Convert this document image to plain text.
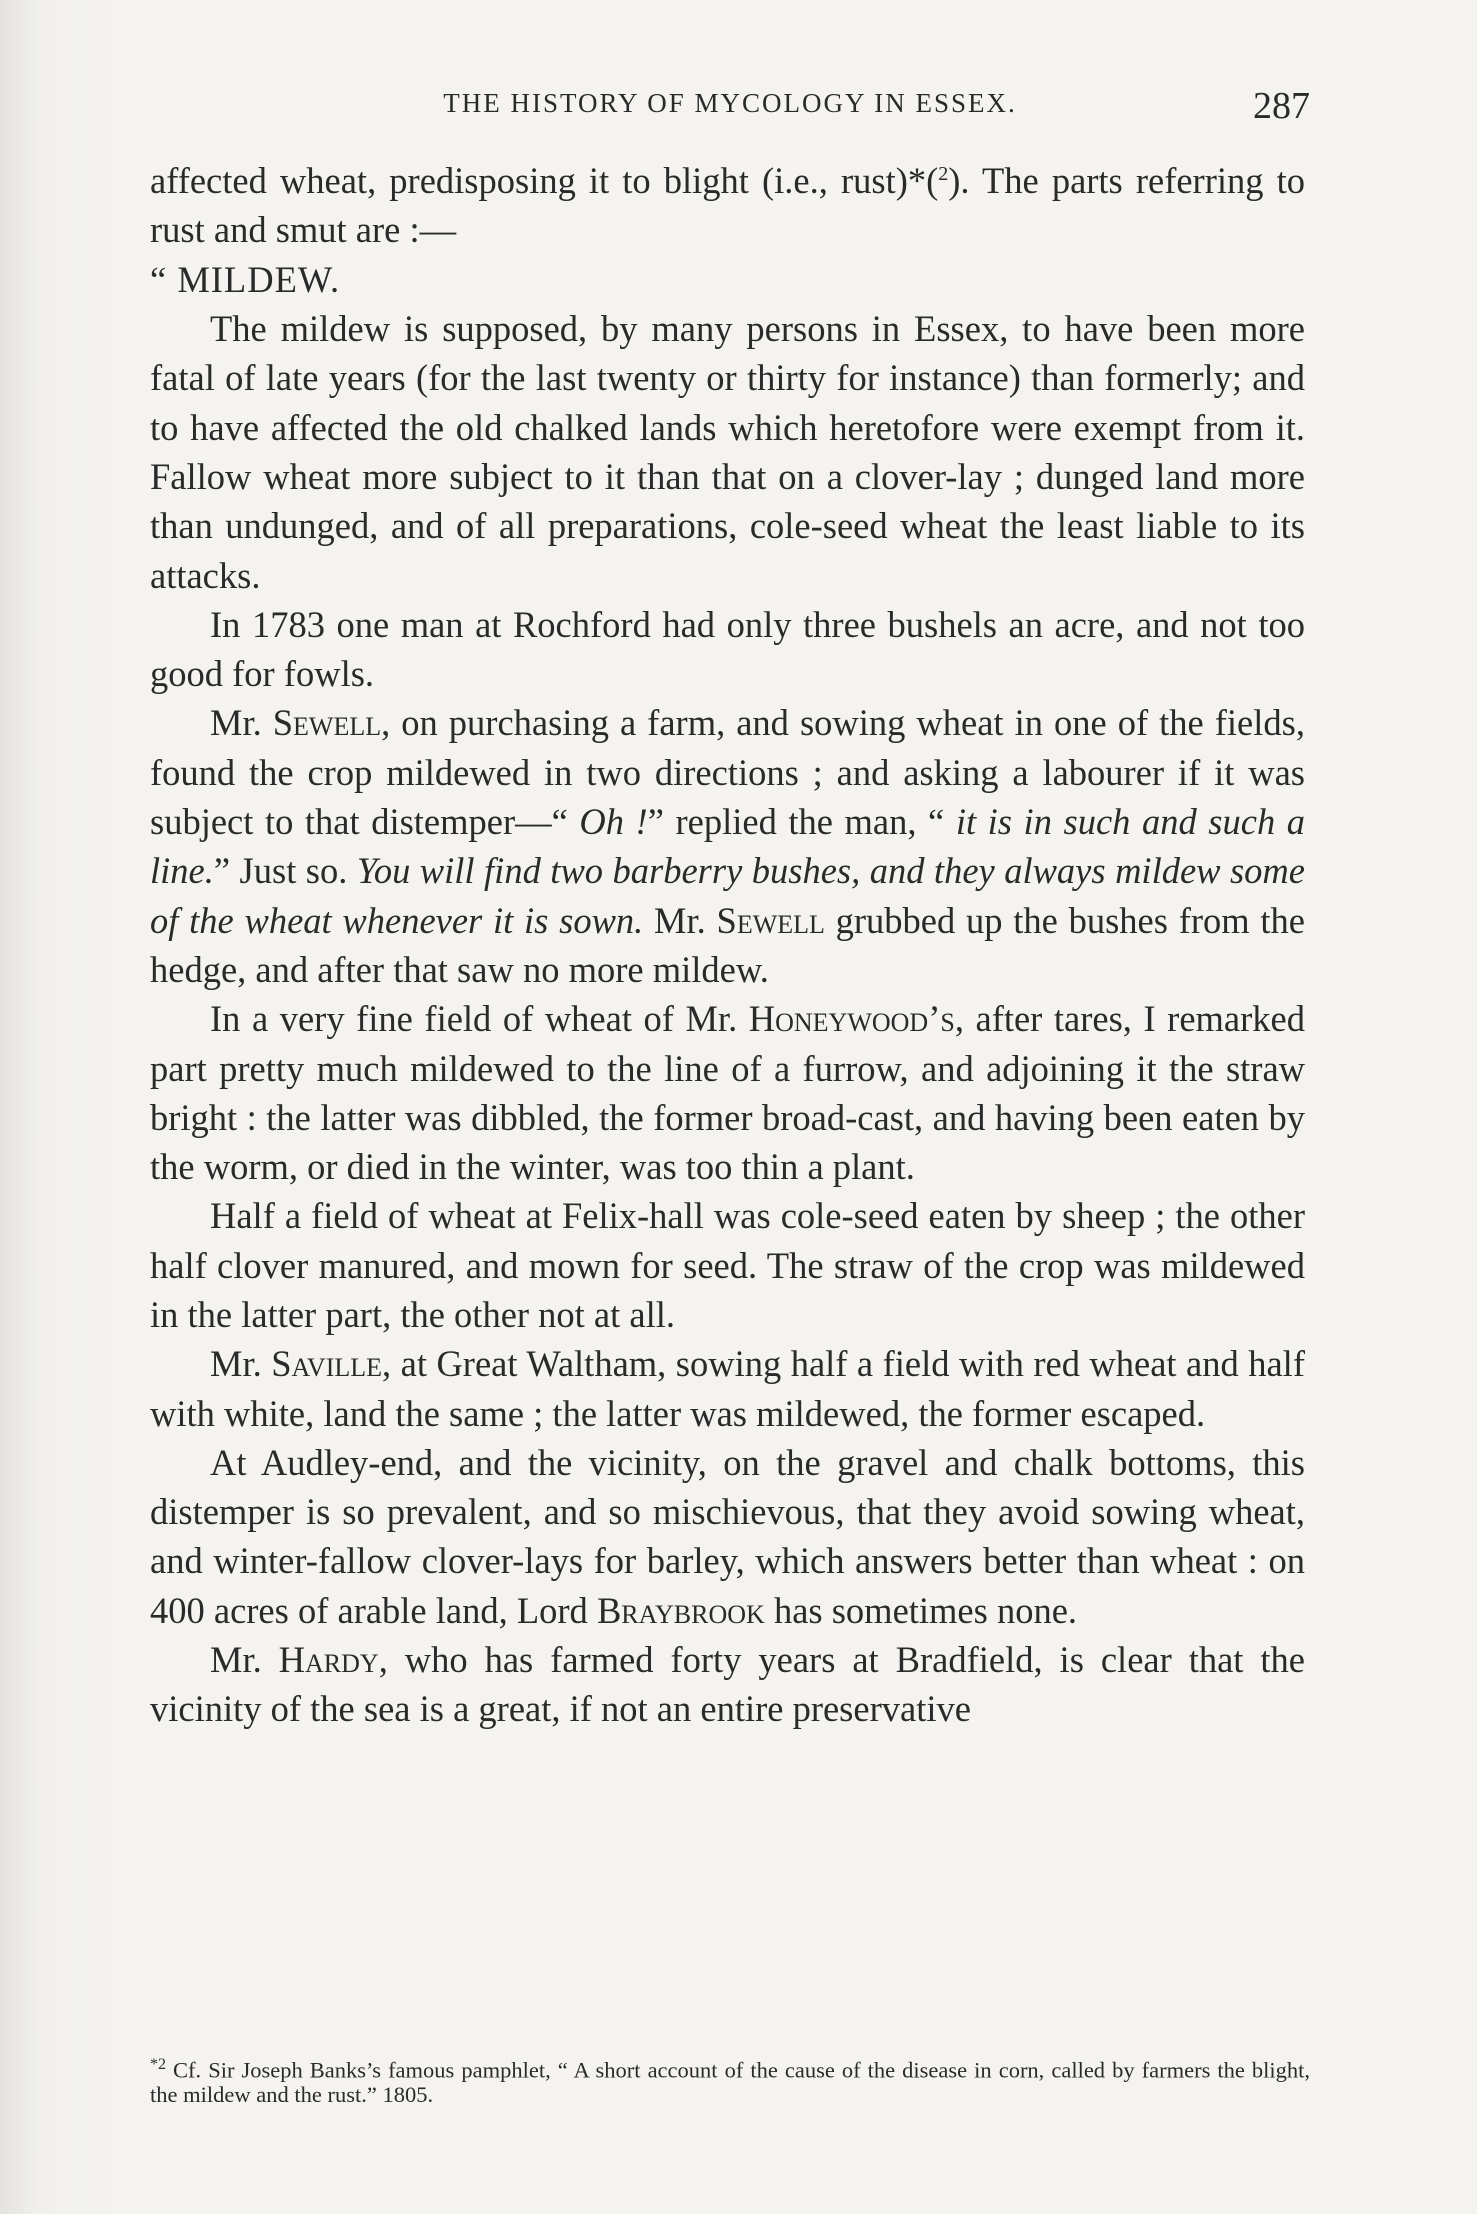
THE HISTORY OF MYCOLOGY IN ESSEX.	287

affected wheat, predisposing it to blight (i.e., rust)*($^2$). The parts referring to rust and smut are :—

“ MILDEW.

The mildew is supposed, by many persons in Essex, to have been more fatal of late years (for the last twenty or thirty for instance) than formerly; and to have affected the old chalked lands which heretofore were exempt from it. Fallow wheat more subject to it than that on a clover-lay ; dunged land more than undunged, and of all preparations, cole-seed wheat the least liable to its attacks.

In 1783 one man at Rochford had only three bushels an acre, and not too good for fowls.

Mr. Sewell, on purchasing a farm, and sowing wheat in one of the fields, found the crop mildewed in two directions ; and asking a labourer if it was subject to that distemper—“ Oh !” replied the man, “ it is in such and such a line.” Just so. You will find two barberry bushes, and they always mildew some of the wheat whenever it is sown. Mr. Sewell grubbed up the bushes from the hedge, and after that saw no more mildew.

In a very fine field of wheat of Mr. Honeywood’s, after tares, I remarked part pretty much mildewed to the line of a furrow, and adjoining it the straw bright : the latter was dibbled, the former broad-cast, and having been eaten by the worm, or died in the winter, was too thin a plant.

Half a field of wheat at Felix-hall was cole-seed eaten by sheep ; the other half clover manured, and mown for seed. The straw of the crop was mildewed in the latter part, the other not at all.

Mr. Saville, at Great Waltham, sowing half a field with red wheat and half with white, land the same ; the latter was mildewed, the former escaped.

At Audley-end, and the vicinity, on the gravel and chalk bottoms, this distemper is so prevalent, and so mischievous, that they avoid sowing wheat, and winter-fallow clover-lays for barley, which answers better than wheat : on 400 acres of arable land, Lord Braybrook has sometimes none.

Mr. Hardy, who has farmed forty years at Bradfield, is clear that the vicinity of the sea is a great, if not an entire preservative

$^{*2}$ Cf. Sir Joseph Banks’s famous pamphlet, “ A short account of the cause of the disease in corn, called by farmers the blight, the mildew and the rust.” 1805.
